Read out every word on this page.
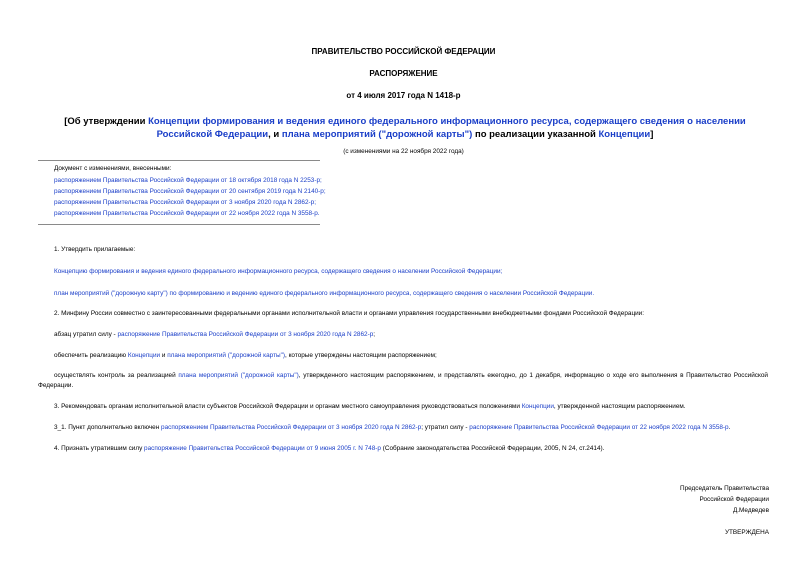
ПРАВИТЕЛЬСТВО РОССИЙСКОЙ ФЕДЕРАЦИИ
РАСПОРЯЖЕНИЕ
от 4 июля 2017 года N 1418-р
[Об утверждении Концепции формирования и ведения единого федерального информационного ресурса, содержащего сведения о населении Российской Федерации, и плана мероприятий ("дорожной карты") по реализации указанной Концепции]
(с изменениями на 22 ноября 2022 года)
Документ с изменениями, внесенными:
распоряжением Правительства Российской Федерации от 18 октября 2018 года N 2253-р;
распоряжением Правительства Российской Федерации от 20 сентября 2019 года N 2140-р;
распоряжением Правительства Российской Федерации от 3 ноября 2020 года N 2862-р;
распоряжением Правительства Российской Федерации от 22 ноября 2022 года N 3558-р.
1. Утвердить прилагаемые:
Концепцию формирования и ведения единого федерального информационного ресурса, содержащего сведения о населении Российской Федерации;
план мероприятий ("дорожную карту") по формированию и ведению единого федерального информационного ресурса, содержащего сведения о населении Российской Федерации.
2. Минфину России совместно с заинтересованными федеральными органами исполнительной власти и органами управления государственными внебюджетными фондами Российской Федерации:
абзац утратил силу - распоряжение Правительства Российской Федерации от 3 ноября 2020 года N 2862-р;
обеспечить реализацию Концепции и плана мероприятий ("дорожной карты"), которые утверждены настоящим распоряжением;
осуществлять контроль за реализацией плана мероприятий ("дорожной карты"), утвержденного настоящим распоряжением, и представлять ежегодно, до 1 декабря, информацию о ходе его выполнения в Правительство Российской Федерации.
3. Рекомендовать органам исполнительной власти субъектов Российской Федерации и органам местного самоуправления руководствоваться положениями Концепции, утвержденной настоящим распоряжением.
3_1. Пункт дополнительно включен распоряжением Правительства Российской Федерации от 3 ноября 2020 года N 2862-р; утратил силу - распоряжение Правительства Российской Федерации от 22 ноября 2022 года N 3558-р.
4. Признать утратившим силу распоряжение Правительства Российской Федерации от 9 июня 2005 г. N 748-р (Собрание законодательства Российской Федерации, 2005, N 24, ст.2414).
Председатель Правительства
Российской Федерации
Д.Медведев
УТВЕРЖДЕНА
